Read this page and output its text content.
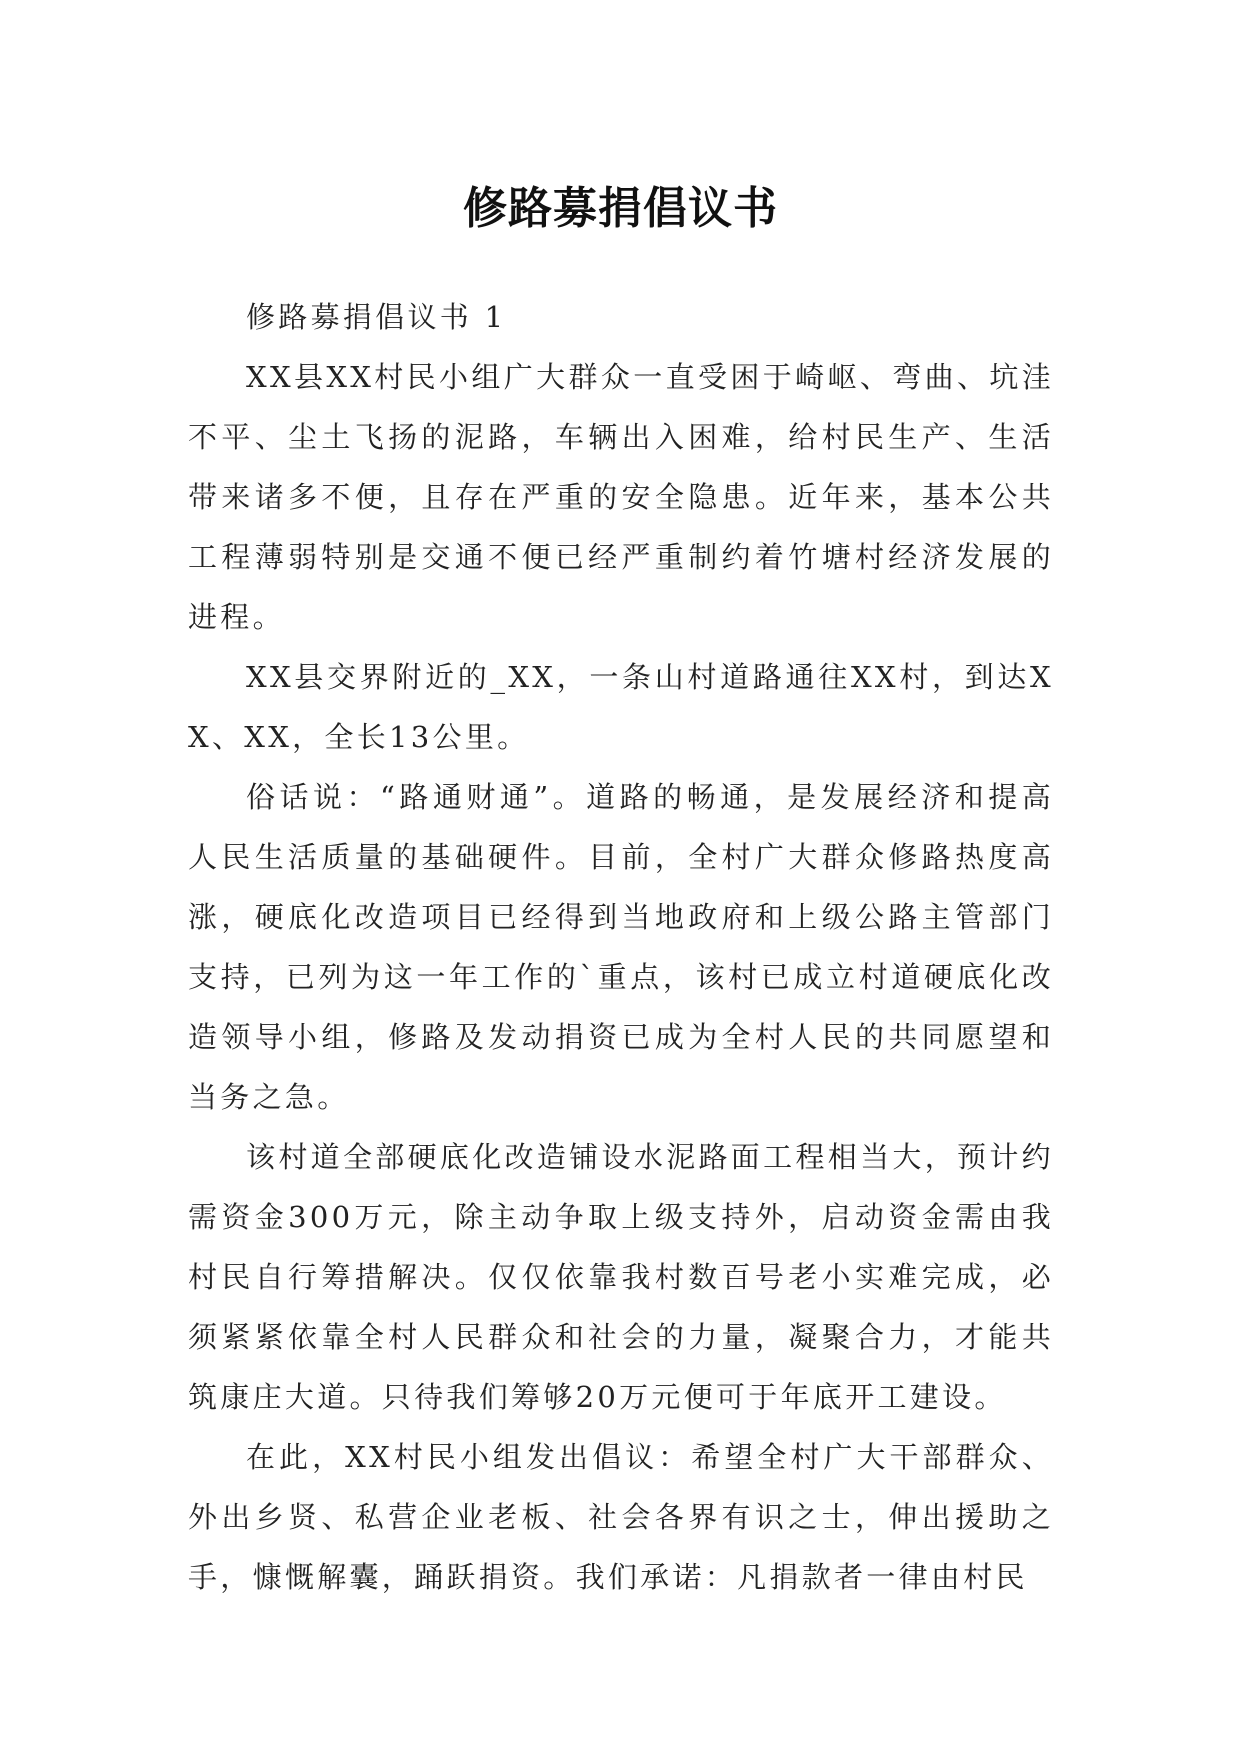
修路募捐倡议书

修路募捐倡议书 1

XX县XX村民小组广大群众一直受困于崎岖、弯曲、坑洼不平、尘土飞扬的泥路，车辆出入困难，给村民生产、生活带来诸多不便，且存在严重的安全隐患。近年来，基本公共工程薄弱特别是交通不便已经严重制约着竹塘村经济发展的进程。

XX县交界附近的_XX，一条山村道路通往XX村，到达XX、XX，全长13公里。

俗话说：“路通财通”。道路的畅通，是发展经济和提高人民生活质量的基础硬件。目前，全村广大群众修路热度高涨，硬底化改造项目已经得到当地政府和上级公路主管部门支持，已列为这一年工作的`重点，该村已成立村道硬底化改造领导小组，修路及发动捐资已成为全村人民的共同愿望和当务之急。

该村道全部硬底化改造铺设水泥路面工程相当大，预计约需资金300万元，除主动争取上级支持外，启动资金需由我村民自行筹措解决。仅仅依靠我村数百号老小实难完成，必须紧紧依靠全村人民群众和社会的力量，凝聚合力，才能共筑康庄大道。只待我们筹够20万元便可于年底开工建设。

在此，XX村民小组发出倡议：希望全村广大干部群众、外出乡贤、私营企业老板、社会各界有识之士，伸出援助之手，慷慨解囊，踊跃捐资。我们承诺：凡捐款者一律由村民
